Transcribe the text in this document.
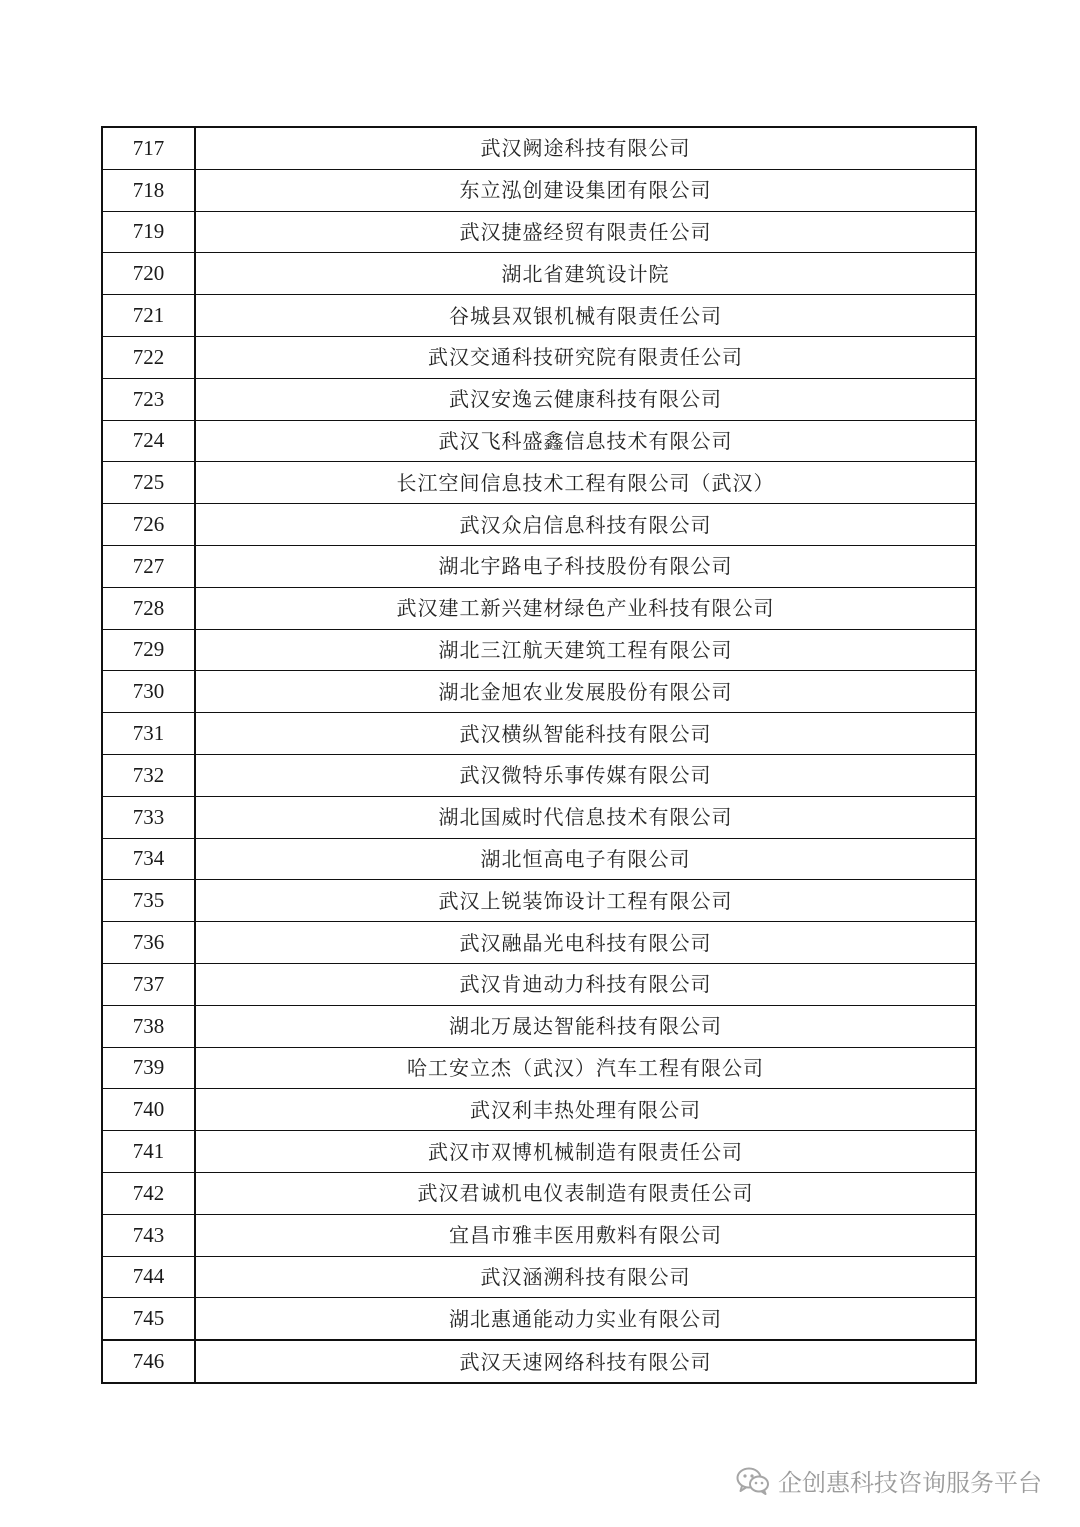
717	武汉阙途科技有限公司
718	东立泓创建设集团有限公司
719	武汉捷盛经贸有限责任公司
720	湖北省建筑设计院
721	谷城县双银机械有限责任公司
722	武汉交通科技研究院有限责任公司
723	武汉安逸云健康科技有限公司
724	武汉飞科盛鑫信息技术有限公司
725	长江空间信息技术工程有限公司（武汉）
726	武汉众启信息科技有限公司
727	湖北宇路电子科技股份有限公司
728	武汉建工新兴建材绿色产业科技有限公司
729	湖北三江航天建筑工程有限公司
730	湖北金旭农业发展股份有限公司
731	武汉横纵智能科技有限公司
732	武汉微特乐事传媒有限公司
733	湖北国威时代信息技术有限公司
734	湖北恒高电子有限公司
735	武汉上锐装饰设计工程有限公司
736	武汉融晶光电科技有限公司
737	武汉肯迪动力科技有限公司
738	湖北万晟达智能科技有限公司
739	哈工安立杰（武汉）汽车工程有限公司
740	武汉利丰热处理有限公司
741	武汉市双博机械制造有限责任公司
742	武汉君诚机电仪表制造有限责任公司
743	宜昌市雅丰医用敷料有限公司
744	武汉涵溯科技有限公司
745	湖北惠通能动力实业有限公司
746	武汉天速网络科技有限公司
企创惠科技咨询服务平台
